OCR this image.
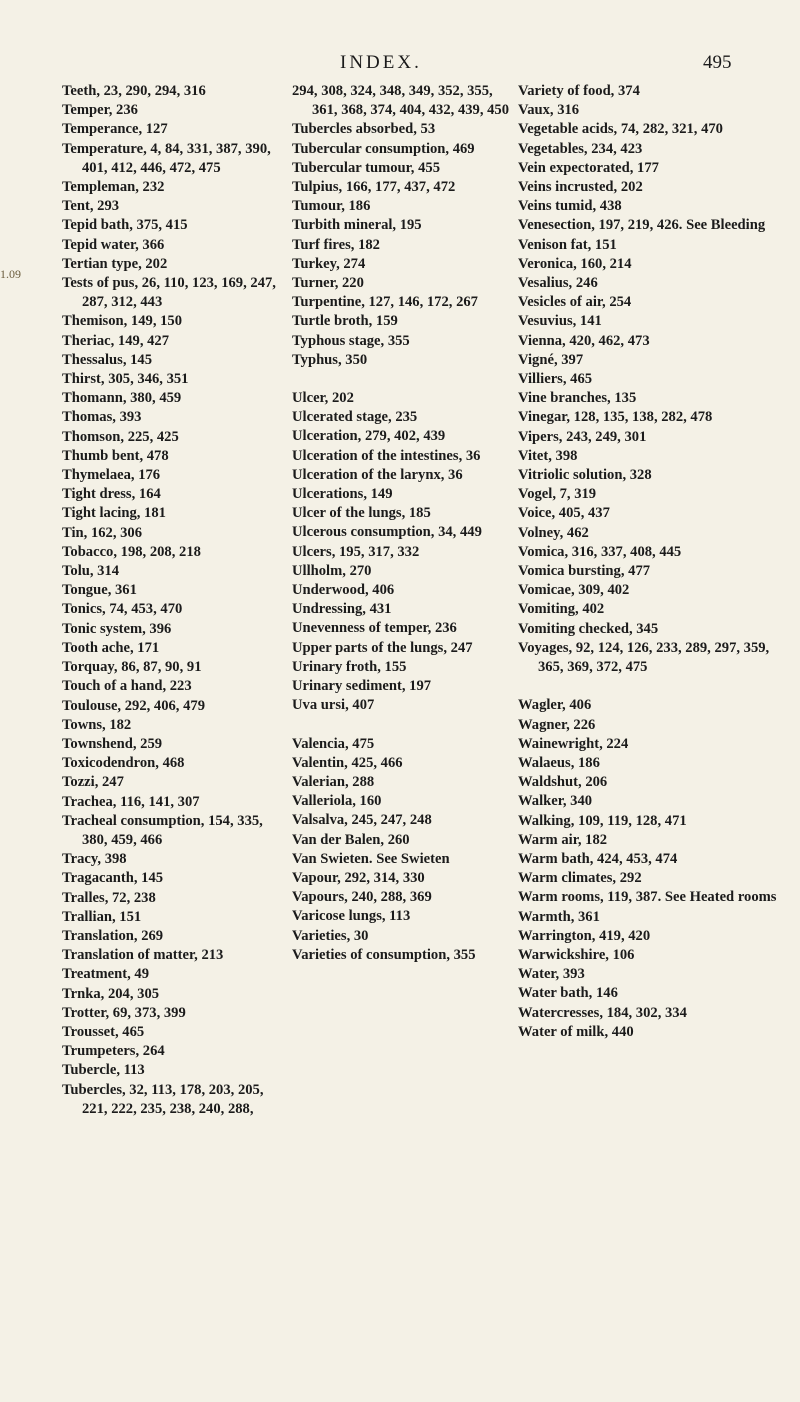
INDEX.	495
1.09
Teeth, 23, 290, 294, 316
Temper, 236
Temperance, 127
Temperature, 4, 84, 331, 387, 390, 401, 412, 446, 472, 475
Templeman, 232
Tent, 293
Tepid bath, 375, 415
Tepid water, 366
Tertian type, 202
Tests of pus, 26, 110, 123, 169, 247, 287, 312, 443
Themison, 149, 150
Theriac, 149, 427
Thessalus, 145
Thirst, 305, 346, 351
Thomann, 380, 459
Thomas, 393
Thomson, 225, 425
Thumb bent, 478
Thymelaea, 176
Tight dress, 164
Tight lacing, 181
Tin, 162, 306
Tobacco, 198, 208, 218
Tolu, 314
Tongue, 361
Tonics, 74, 453, 470
Tonic system, 396
Tooth ache, 171
Torquay, 86, 87, 90, 91
Touch of a hand, 223
Toulouse, 292, 406, 479
Towns, 182
Townshend, 259
Toxicodendron, 468
Tozzi, 247
Trachea, 116, 141, 307
Tracheal consumption, 154, 335, 380, 459, 466
Tracy, 398
Tragacanth, 145
Tralles, 72, 238
Trallian, 151
Translation, 269
Translation of matter, 213
Treatment, 49
Trnka, 204, 305
Trotter, 69, 373, 399
Trousset, 465
Trumpeters, 264
Tubercle, 113
Tubercles, 32, 113, 178, 203, 205, 221, 222, 235, 238, 240, 288,
294, 308, 324, 348, 349, 352, 355, 361, 368, 374, 404, 432, 439, 450
Tubercles absorbed, 53
Tubercular consumption, 469
Tubercular tumour, 455
Tulpius, 166, 177, 437, 472
Tumour, 186
Turbith mineral, 195
Turf fires, 182
Turkey, 274
Turner, 220
Turpentine, 127, 146, 172, 267
Turtle broth, 159
Typhous stage, 355
Typhus, 350
Ulcer, 202
Ulcerated stage, 235
Ulceration, 279, 402, 439
Ulceration of the intestines, 36
Ulceration of the larynx, 36
Ulcerations, 149
Ulcer of the lungs, 185
Ulcerous consumption, 34, 449
Ulcers, 195, 317, 332
Ullholm, 270
Underwood, 406
Undressing, 431
Unevenness of temper, 236
Upper parts of the lungs, 247
Urinary froth, 155
Urinary sediment, 197
Uva ursi, 407
Valencia, 475
Valentin, 425, 466
Valerian, 288
Valleriola, 160
Valsalva, 245, 247, 248
Van der Balen, 260
Van Swieten. See Swieten
Vapour, 292, 314, 330
Vapours, 240, 288, 369
Varicose lungs, 113
Varieties, 30
Varieties of consumption, 355
Variety of food, 374
Vaux, 316
Vegetable acids, 74, 282, 321, 470
Vegetables, 234, 423
Vein expectorated, 177
Veins incrusted, 202
Veins tumid, 438
Venesection, 197, 219, 426. See Bleeding
Venison fat, 151
Veronica, 160, 214
Vesalius, 246
Vesicles of air, 254
Vesuvius, 141
Vienna, 420, 462, 473
Vigné, 397
Villiers, 465
Vine branches, 135
Vinegar, 128, 135, 138, 282, 478
Vipers, 243, 249, 301
Vitet, 398
Vitriolic solution, 328
Vogel, 7, 319
Voice, 405, 437
Volney, 462
Vomica, 316, 337, 408, 445
Vomica bursting, 477
Vomicae, 309, 402
Vomiting, 402
Vomiting checked, 345
Voyages, 92, 124, 126, 233, 289, 297, 359, 365, 369, 372, 475
Wagler, 406
Wagner, 226
Wainewright, 224
Walaeus, 186
Waldshut, 206
Walker, 340
Walking, 109, 119, 128, 471
Warm air, 182
Warm bath, 424, 453, 474
Warm climates, 292
Warm rooms, 119, 387. See Heated rooms
Warmth, 361
Warrington, 419, 420
Warwickshire, 106
Water, 393
Water bath, 146
Watercresses, 184, 302, 334
Water of milk, 440
